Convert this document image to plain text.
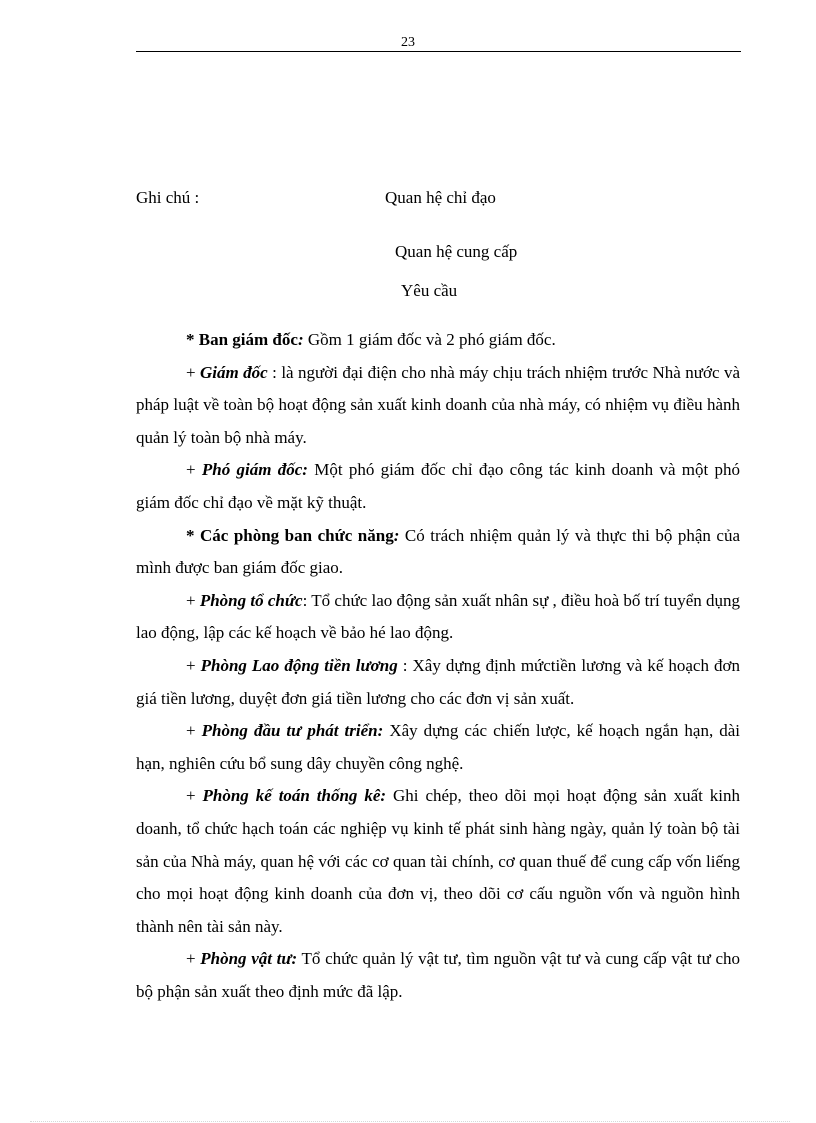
23
Ghi chú :	Quan hệ chỉ đạo
Quan hệ cung cấp
Yêu cầu

* Ban giám đốc: Gồm 1 giám đốc và 2 phó giám đốc.

+ Giám đốc : là người đại điện cho nhà máy chịu trách nhiệm trước Nhà nước và pháp luật về toàn bộ hoạt động sản xuất kinh doanh của nhà máy, có nhiệm vụ điều hành quản lý toàn bộ nhà máy.

+ Phó giám đốc: Một phó giám đốc chỉ đạo công tác kinh doanh và một phó giám đốc chỉ đạo về mặt kỹ thuật.

* Các phòng ban chức năng: Có trách nhiệm quản lý và thực thi bộ phận của mình được ban giám đốc giao.

+ Phòng tổ chức: Tổ chức lao động sản xuất nhân sự , điều hoà bố trí tuyển dụng lao động, lập các kế hoạch về bảo hé lao động.

+ Phòng Lao động tiền lương : Xây dựng định mứctiền lương và kế hoạch đơn giá tiền lương, duyệt đơn giá tiền lương cho các đơn vị sản xuất.

+ Phòng đầu tư phát triển: Xây dựng các chiến lược, kế hoạch ngắn hạn, dài hạn, nghiên cứu bổ sung dây chuyền công nghệ.

+ Phòng kế toán thống kê: Ghi chép, theo dõi mọi hoạt động sản xuất kinh doanh, tổ chức hạch toán các nghiệp vụ kinh tế phát sinh hàng ngày, quản lý toàn bộ tài sản của Nhà máy, quan hệ với các cơ quan tài chính, cơ quan thuế để cung cấp vốn liếng cho mọi hoạt động kinh doanh của đơn vị, theo dõi cơ cấu nguồn vốn và nguồn hình thành nên tài sản này.

+ Phòng vật tư: Tổ chức quản lý vật tư, tìm nguồn vật tư và cung cấp vật tư cho bộ phận sản xuất theo định mức đã lập.
